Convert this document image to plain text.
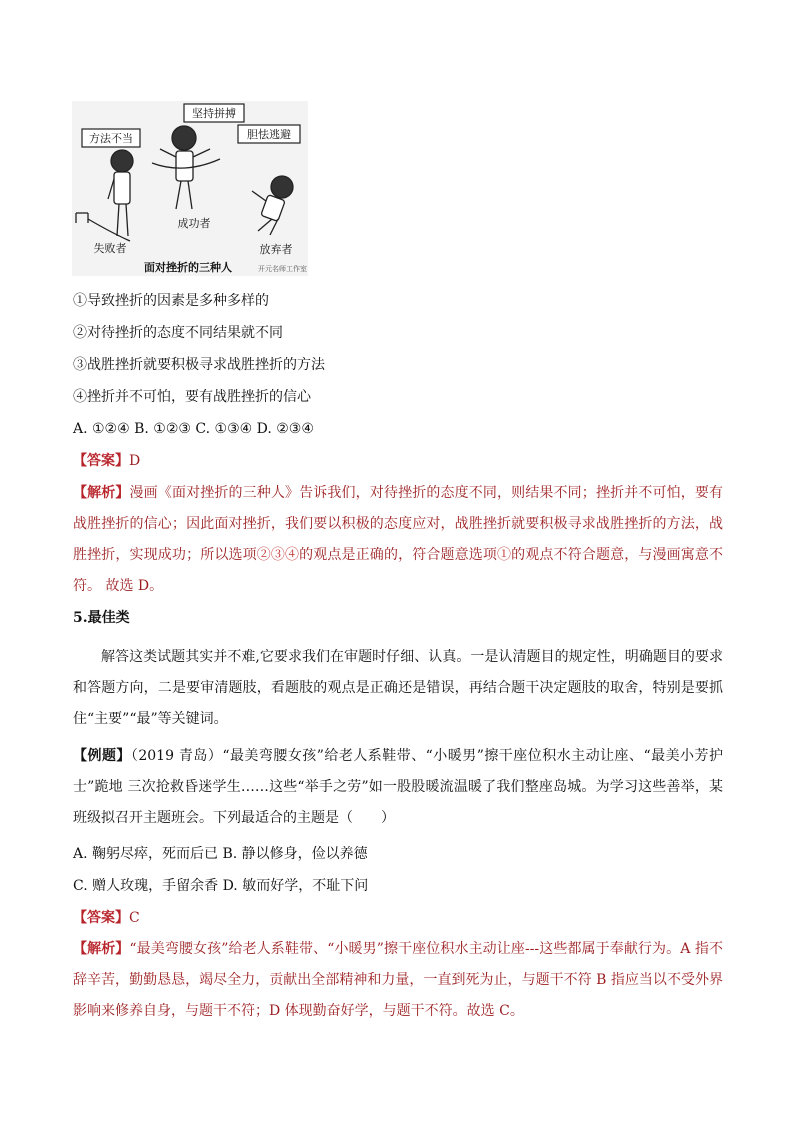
方法不当
坚持拼搏
胆怯逃避
失败者
成功者
放弃者
面对挫折的三种人	开元名师工作室
①导致挫折的因素是多种多样的
②对待挫折的态度不同结果就不同
③战胜挫折就要积极寻求战胜挫折的方法
④挫折并不可怕，要有战胜挫折的信心
A. ①②④ B. ①②③ C. ①③④ D. ②③④
【答案】D
【解析】漫画《面对挫折的三种人》告诉我们，对待挫折的态度不同，则结果不同；挫折并不可怕，要有战胜挫折的信心；因此面对挫折，我们要以积极的态度应对，战胜挫折就要积极寻求战胜挫折的方法，战胜挫折，实现成功；所以选项②③④的观点是正确的，符合题意选项①的观点不符合题意，与漫画寓意不符。 故选 D。
5.最佳类
解答这类试题其实并不难,它要求我们在审题时仔细、认真。一是认清题目的规定性，明确题目的要求和答题方向，二是要审清题肢，看题肢的观点是正确还是错误，再结合题干决定题肢的取舍，特别是要抓住“主要”“最”等关键词。
【例题】（2019 青岛）“最美弯腰女孩”给老人系鞋带、“小暖男”擦干座位积水主动让座、“最美小芳护士”跪地 三次抢救昏迷学生……这些“举手之劳”如一股股暖流温暖了我们整座岛城。为学习这些善举，某班级拟召开主题班会。下列最适合的主题是（　　）
A. 鞠躬尽瘁，死而后已 B. 静以修身，俭以养德
C. 赠人玫瑰，手留余香 D. 敏而好学，不耻下问
【答案】C
【解析】“最美弯腰女孩”给老人系鞋带、“小暖男”擦干座位积水主动让座---这些都属于奉献行为。A 指不辞辛苦，勤勤恳恳，竭尽全力，贡献出全部精神和力量，一直到死为止，与题干不符 B 指应当以不受外界影响来修养自身，与题干不符；D 体现勤奋好学，与题干不符。故选 C。
